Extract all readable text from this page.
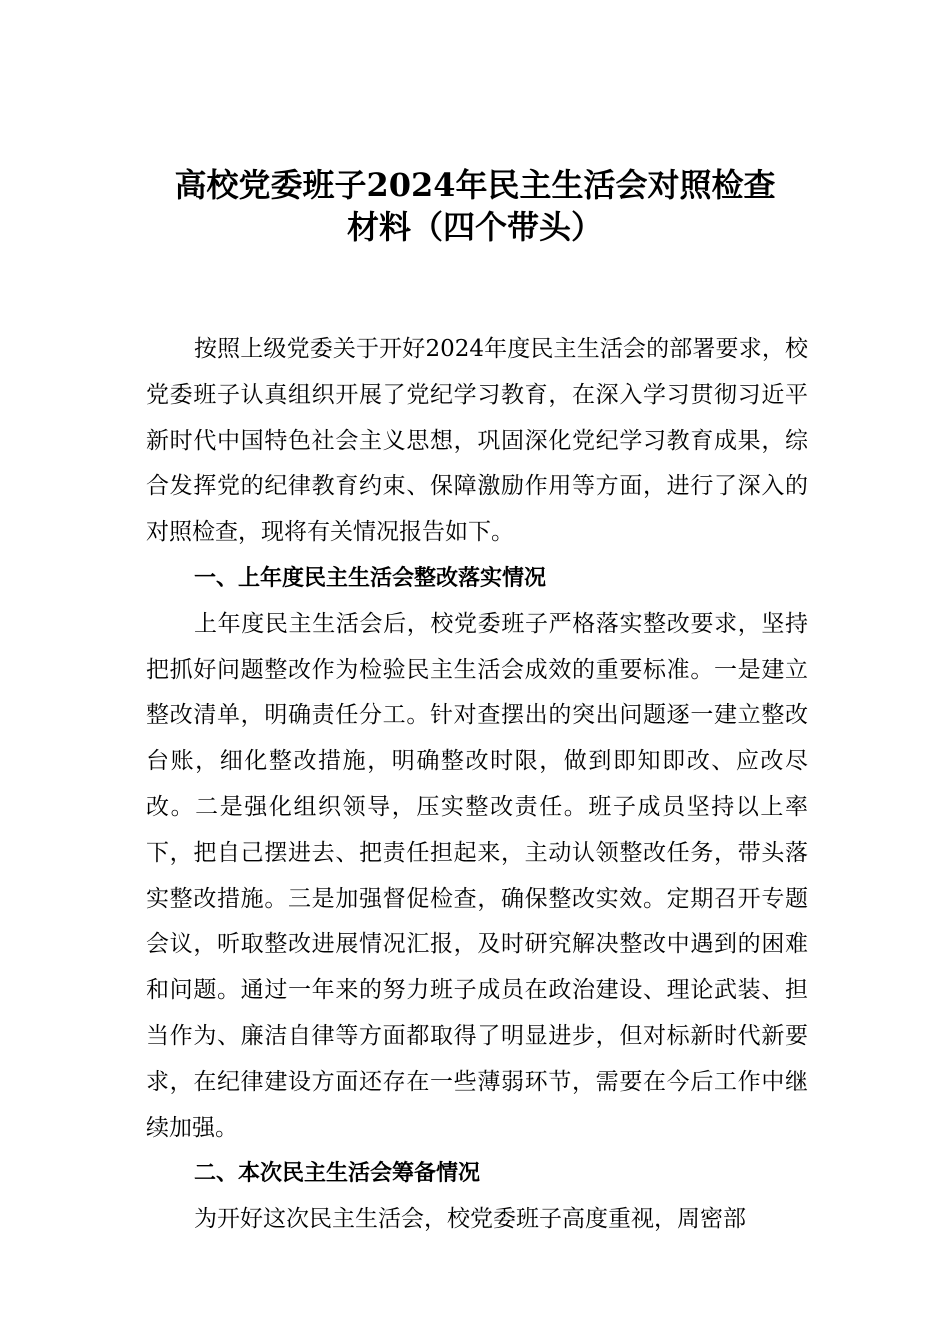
高校党委班子2024年民主生活会对照检查
材料（四个带头）

按照上级党委关于开好2024年度民主生活会的部署要求，校党委班子认真组织开展了党纪学习教育，在深入学习贯彻习近平新时代中国特色社会主义思想，巩固深化党纪学习教育成果，综合发挥党的纪律教育约束、保障激励作用等方面，进行了深入的对照检查，现将有关情况报告如下。

一、上年度民主生活会整改落实情况

上年度民主生活会后，校党委班子严格落实整改要求，坚持把抓好问题整改作为检验民主生活会成效的重要标准。一是建立整改清单，明确责任分工。针对查摆出的突出问题逐一建立整改台账，细化整改措施，明确整改时限，做到即知即改、应改尽改。二是强化组织领导，压实整改责任。班子成员坚持以上率下，把自己摆进去、把责任担起来，主动认领整改任务，带头落实整改措施。三是加强督促检查，确保整改实效。定期召开专题会议，听取整改进展情况汇报，及时研究解决整改中遇到的困难和问题。通过一年来的努力班子成员在政治建设、理论武装、担当作为、廉洁自律等方面都取得了明显进步，但对标新时代新要求，在纪律建设方面还存在一些薄弱环节，需要在今后工作中继续加强。

二、本次民主生活会筹备情况

为开好这次民主生活会，校党委班子高度重视，周密部
